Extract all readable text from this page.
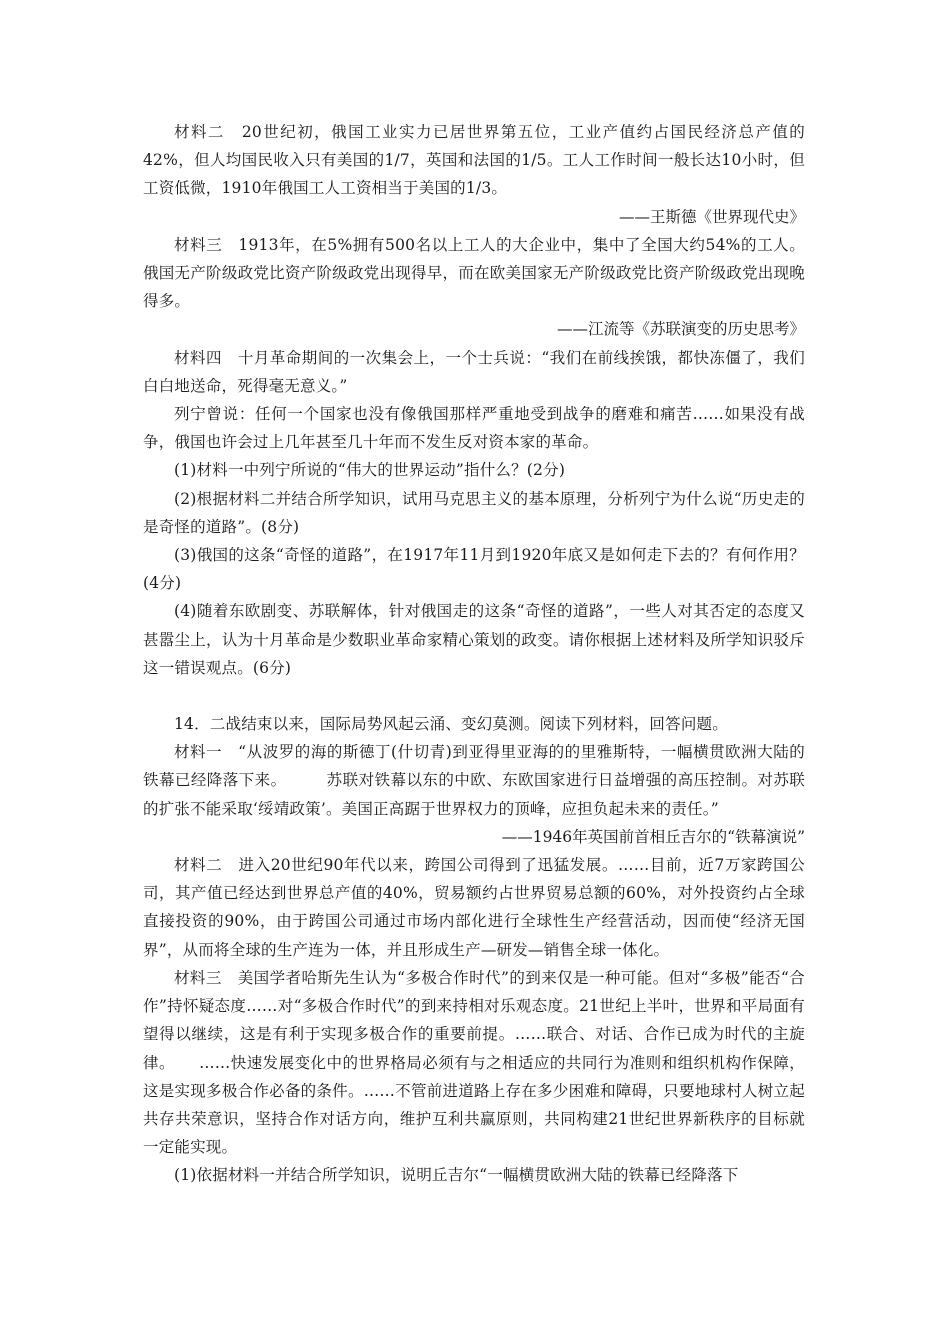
材料二　20世纪初，俄国工业实力已居世界第五位，工业产值约占国民经济总产值的42%，但人均国民收入只有美国的1/7，英国和法国的1/5。工人工作时间一般长达10小时，但工资低微，1910年俄国工人工资相当于美国的1/3。

——王斯德《世界现代史》

材料三　1913年，在5%拥有500名以上工人的大企业中，集中了全国大约54%的工人。俄国无产阶级政党比资产阶级政党出现得早，而在欧美国家无产阶级政党比资产阶级政党出现晚得多。

——江流等《苏联演变的历史思考》

材料四　十月革命期间的一次集会上，一个士兵说：“我们在前线挨饿，都快冻僵了，我们白白地送命，死得毫无意义。”

列宁曾说：任何一个国家也没有像俄国那样严重地受到战争的磨难和痛苦……如果没有战争，俄国也许会过上几年甚至几十年而不发生反对资本家的革命。

(1)材料一中列宁所说的“伟大的世界运动”指什么？(2分)

(2)根据材料二并结合所学知识，试用马克思主义的基本原理，分析列宁为什么说“历史走的是奇怪的道路”。(8分)

(3)俄国的这条“奇怪的道路”，在1917年11月到1920年底又是如何走下去的？有何作用？(4分)

(4)随着东欧剧变、苏联解体，针对俄国走的这条“奇怪的道路”，一些人对其否定的态度又甚嚣尘上，认为十月革命是少数职业革命家精心策划的政变。请你根据上述材料及所学知识驳斥这一错误观点。(6分)

14．二战结束以来，国际局势风起云涌、变幻莫测。阅读下列材料，回答问题。

材料一　“从波罗的海的斯德丁(什切青)到亚得里亚海的的里雅斯特，一幅横贯欧洲大陆的铁幕已经降落下来。　　　苏联对铁幕以东的中欧、东欧国家进行日益增强的高压控制。对苏联的扩张不能采取‘绥靖政策’。美国正高踞于世界权力的顶峰，应担负起未来的责任。”

——1946年英国前首相丘吉尔的“铁幕演说”

材料二　进入20世纪90年代以来，跨国公司得到了迅猛发展。……目前，近7万家跨国公司，其产值已经达到世界总产值的40%，贸易额约占世界贸易总额的60%，对外投资约占全球直接投资的90%，由于跨国公司通过市场内部化进行全球性生产经营活动，因而使“经济无国界”，从而将全球的生产连为一体，并且形成生产—研发—销售全球一体化。

材料三　美国学者哈斯先生认为“多极合作时代”的到来仅是一种可能。但对“多极”能否“合作”持怀疑态度……对“多极合作时代”的到来持相对乐观态度。21世纪上半叶，世界和平局面有望得以继续，这是有利于实现多极合作的重要前提。……联合、对话、合作已成为时代的主旋律。　　……快速发展变化中的世界格局必须有与之相适应的共同行为准则和组织机构作保障，这是实现多极合作必备的条件。……不管前进道路上存在多少困难和障碍，只要地球村人树立起共存共荣意识，坚持合作对话方向，维护互利共赢原则，共同构建21世纪世界新秩序的目标就一定能实现。

(1)依据材料一并结合所学知识，说明丘吉尔“一幅横贯欧洲大陆的铁幕已经降落下
